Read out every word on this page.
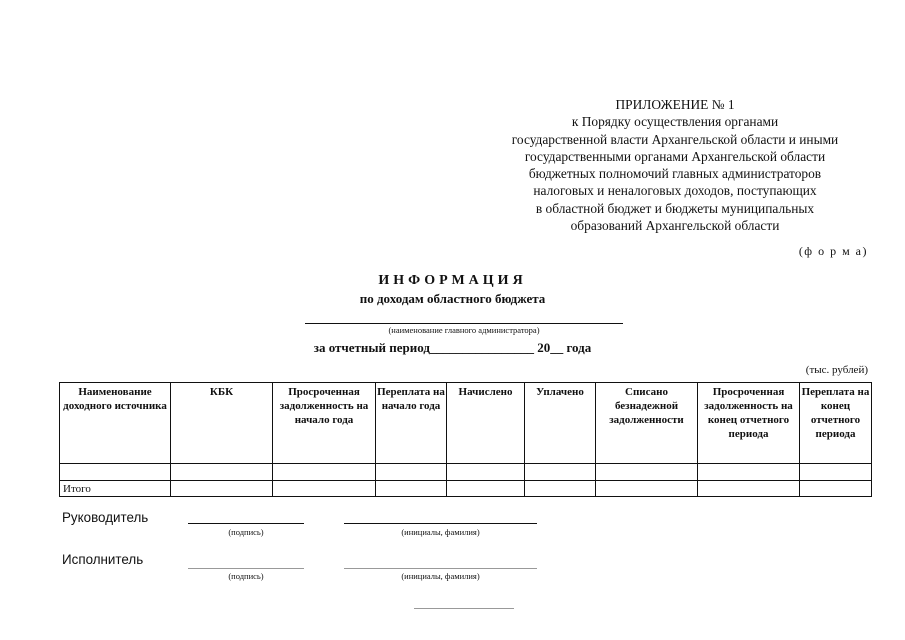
ПРИЛОЖЕНИЕ № 1
к Порядку осуществления органами
государственной власти Архангельской области и иными
государственными органами Архангельской области
бюджетных полномочий главных администраторов
налоговых и неналоговых доходов, поступающих
в областной бюджет и бюджеты муниципальных
образований Архангельской области
(ф о р м а)
ИНФОРМАЦИЯ
по доходам областного бюджета
(наименование главного администратора)
за отчетный период________________ 20__ года
(тыс. рублей)
Наименование доходного источника	КБК	Просроченная задолженность на начало года	Переплата на начало года	Начислено	Уплачено	Списано безнадежной задолженности	Просроченная задолженность на конец отчетного периода	Переплата на конец отчетного периода

Итого								
Руководитель
(подпись)	(инициалы, фамилия)
Исполнитель
(подпись)	(инициалы, фамилия)
